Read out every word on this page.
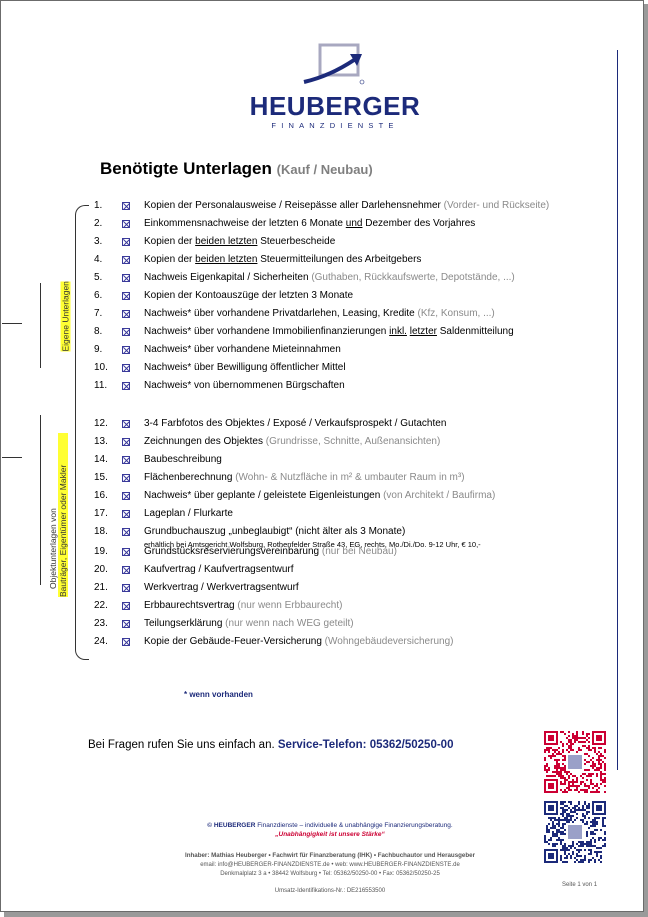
HEUBERGER
FINANZDIENSTE
Benötigte Unterlagen (Kauf / Neubau)
Eigene Unterlagen
Objektunterlagen von Bauträger, Eigentümer oder Makler
1.	Kopien der Personalausweise / Reisepässe aller Darlehensnehmer (Vorder- und Rückseite)
2.	Einkommensnachweise der letzten 6 Monate und Dezember des Vorjahres
3.	Kopien der beiden letzten Steuerbescheide
4.	Kopien der beiden letzten Steuermitteilungen des Arbeitgebers
5.	Nachweis Eigenkapital / Sicherheiten (Guthaben, Rückkaufswerte, Depotstände, ...)
6.	Kopien der Kontoauszüge der letzten 3 Monate
7.	Nachweis* über vorhandene Privatdarlehen, Leasing, Kredite (Kfz, Konsum, ...)
8.	Nachweis* über vorhandene Immobilienfinanzierungen inkl. letzter Saldenmitteilung
9.	Nachweis* über vorhandene Mieteinnahmen
10.	Nachweis* über Bewilligung öffentlicher Mittel
11.	Nachweis* von übernommenen Bürgschaften
12.	3-4 Farbfotos des Objektes / Exposé / Verkaufsprospekt / Gutachten
13.	Zeichnungen des Objektes (Grundrisse, Schnitte, Außenansichten)
14.	Baubeschreibung
15.	Flächenberechnung (Wohn- & Nutzfläche in m² & umbauter Raum in m³)
16.	Nachweis* über geplante / geleistete Eigenleistungen (von Architekt / Baufirma)
17.	Lageplan / Flurkarte
18.	Grundbuchauszug „unbeglaubigt“ (nicht älter als 3 Monate)
erhältlich bei Amtsgericht Wolfsburg, Rothenfelder Straße 43, EG, rechts, Mo./Di./Do. 9-12 Uhr, € 10,-
19.	Grundstücksreservierungsvereinbarung (nur bei Neubau)
20.	Kaufvertrag / Kaufvertragsentwurf
21.	Werkvertrag / Werkvertragsentwurf
22.	Erbbaurechtsvertrag (nur wenn Erbbaurecht)
23.	Teilungserklärung (nur wenn nach WEG geteilt)
24.	Kopie der Gebäude-Feuer-Versicherung (Wohngebäudeversicherung)
* wenn vorhanden
Bei Fragen rufen Sie uns einfach an. Service-Telefon: 05362/50250-00
© HEUBERGER Finanzdienste – individuelle & unabhängige Finanzierungsberatung.
„Unabhängigkeit ist unsere Stärke“
Inhaber: Mathias Heuberger • Fachwirt für Finanzberatung (IHK) • Fachbuchautor und Herausgeber
email: info@HEUBERGER-FINANZDIENSTE.de • web: www.HEUBERGER-FINANZDIENSTE.de
Denkmalplatz 3 a • 38442 Wolfsburg • Tel: 05362/50250-00 • Fax: 05362/50250-25
Umsatz-Identifikations-Nr.: DE216553500
Seite 1 von 1
